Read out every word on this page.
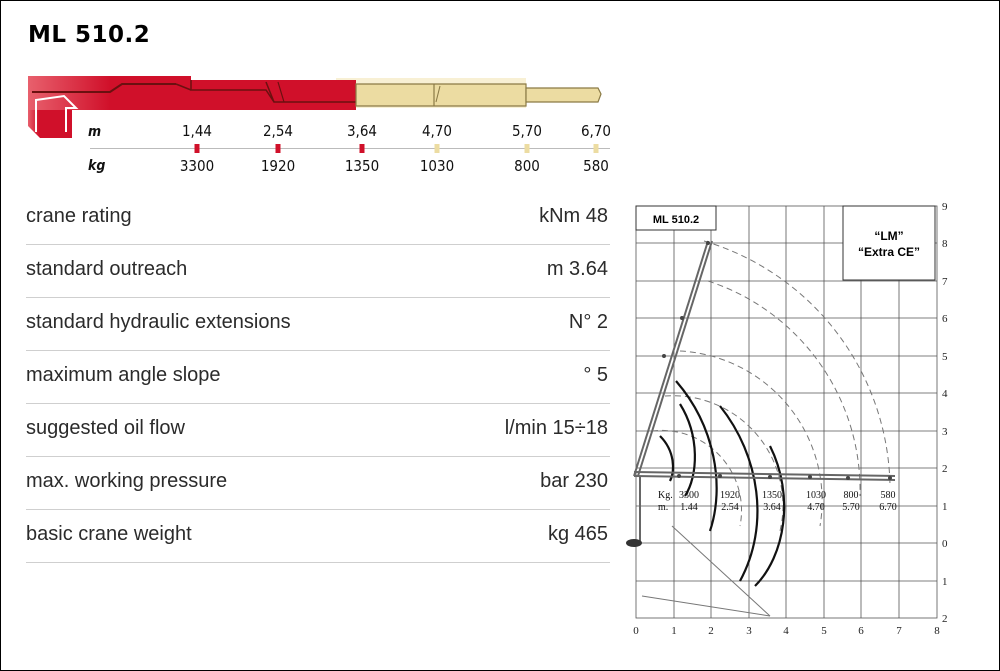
ML 510.2
m
kg
1,44	2,54	3,64	4,70	5,70	6,70
3300	1920	1350	1030	800	580
crane rating	kNm 48
standard outreach	m 3.64
standard hydraulic extensions	N° 2
maximum angle slope	° 5
suggested oil flow	l/min 15÷18
max. working pressure	bar 230
basic crane weight	kg 465
ML 510.2
“LM”
“Extra CE”
Kg.
m.
3300 1920 1350 1030 800 580
1.44 2.54 3.64	4.70 5.70 6.70
0	1	2	3	4	5	6	7	8
9
8
7
6
5
4
3
2
1
0
1
2
